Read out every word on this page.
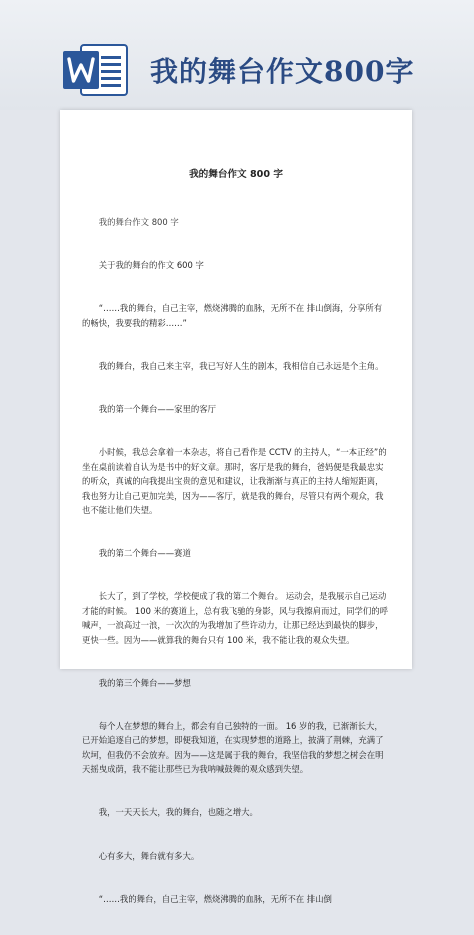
我的舞台作文800字
我的舞台作文 800 字

我的舞台作文 800 字

关于我的舞台的作文 600 字

“……我的舞台，自己主宰，燃烧沸腾的血脉，无所不在 排山倒海，分享所有的畅快，我要我的精彩……”

我的舞台，我自己来主宰，我已写好人生的剧本，我相信自己永远是个主角。

我的第一个舞台——家里的客厅

小时候，我总会拿着一本杂志，将自己看作是 CCTV 的主持人，“一本正经”的坐在桌前读着自认为是书中的好文章。那时，客厅是我的舞台，爸妈便是我最忠实的听众，真诚的向我提出宝贵的意见和建议，让我渐渐与真正的主持人缩短距离，我也努力让自己更加完美，因为——客厅，就是我的舞台，尽管只有两个观众，我也不能让他们失望。

我的第二个舞台——赛道

长大了，到了学校，学校便成了我的第二个舞台。 运动会，是我展示自己运动才能的时候。 100 米的赛道上，总有我飞驰的身影，风与我擦肩而过，同学们的呼喊声，一浪高过一浪，一次次的为我增加了些许动力，让那已经达到最快的脚步，更快一些。因为——就算我的舞台只有 100 米，我不能让我的观众失望。

我的第三个舞台——梦想

每个人在梦想的舞台上，都会有自己独特的一面。 16 岁的我，已渐渐长大，已开始追逐自己的梦想，即便我知道，在实现梦想的道路上，披满了荆棘，充满了坎坷，但我仍不会放弃。因为——这是属于我的舞台，我坚信我的梦想之树会在明天摇曳成荫，我不能让那些已为我呐喊鼓舞的观众感到失望。

我，一天天长大，我的舞台，也随之增大。

心有多大，舞台就有多大。

“……我的舞台，自己主宰，燃烧沸腾的血脉，无所不在 排山倒
